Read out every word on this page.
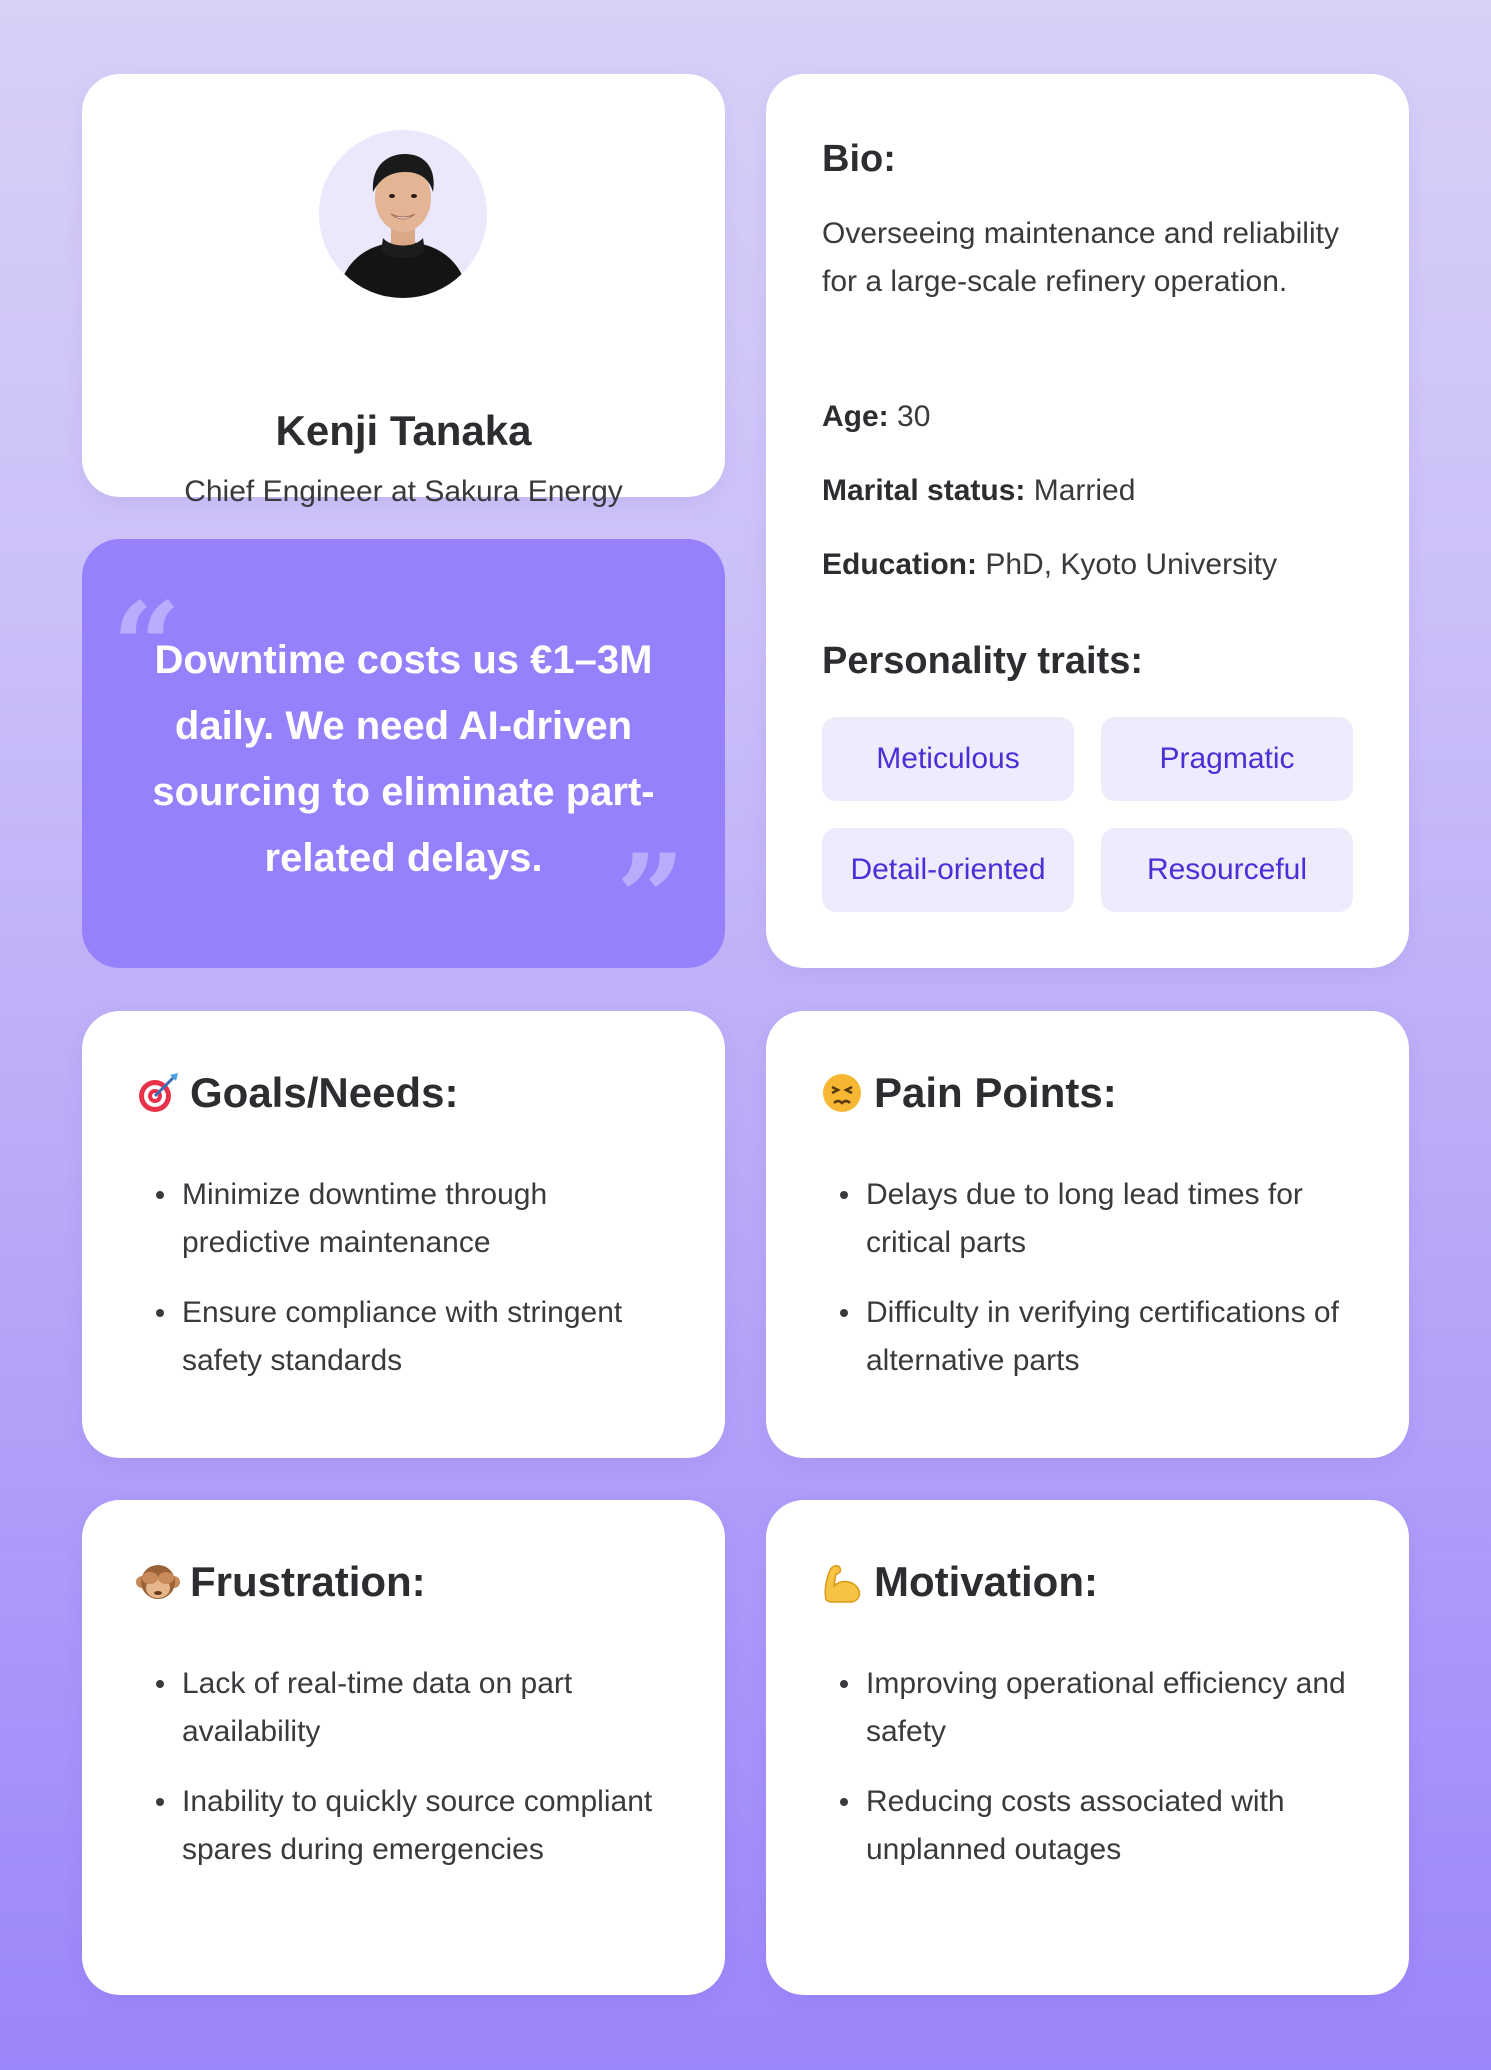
Kenji Tanaka
Chief Engineer at Sakura Energy
“
Downtime costs us €1–3M daily. We need AI-driven sourcing to eliminate part-related delays. ”
Bio:
Overseeing maintenance and reliability for a large-scale refinery operation.
Age: 30
Marital status: Married
Education: PhD, Kyoto University
Personality traits:
Meticulous	Pragmatic
Detail-oriented	Resourceful
Goals/Needs:
Minimize downtime through predictive maintenance
Ensure compliance with stringent safety standards
Pain Points:
Delays due to long lead times for critical parts
Difficulty in verifying certifications of alternative parts
Frustration:
Lack of real-time data on part availability
Inability to quickly source compliant spares during emergencies
Motivation:
Improving operational efficiency and safety
Reducing costs associated with unplanned outages
